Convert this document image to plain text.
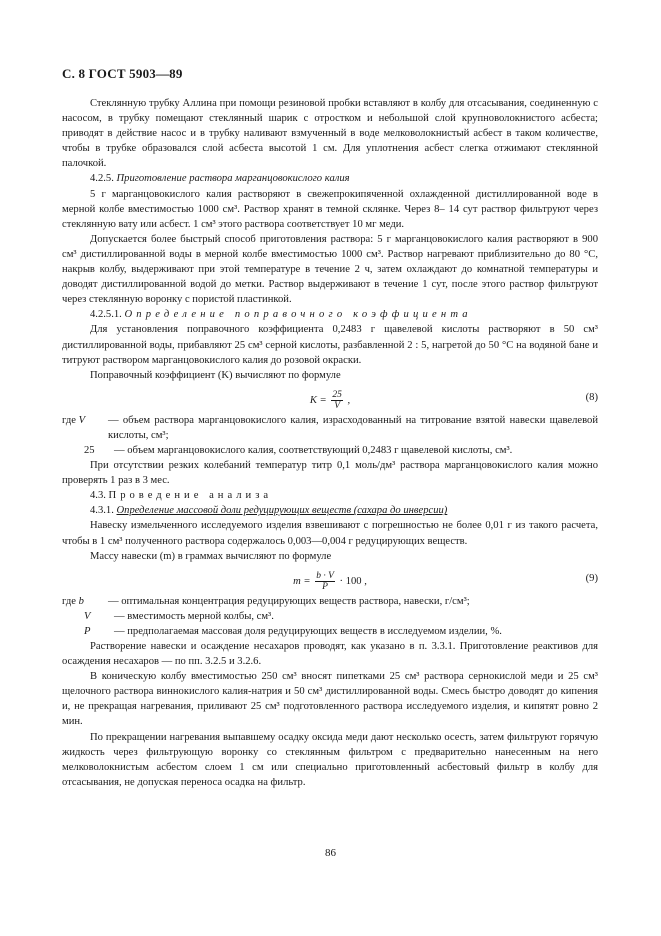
С. 8 ГОСТ 5903—89

Стеклянную трубку Аллина при помощи резиновой пробки вставляют в колбу для отсасывания, соединенную с насосом, в трубку помещают стеклянный шарик с отростком и небольшой слой крупноволокнистого асбеста; приводят в действие насос и в трубку наливают взмученный в воде мелковолокнистый асбест в таком количестве, чтобы в трубке образовался слой асбеста высотой 1 см. Для уплотнения асбест слегка отжимают стеклянной палочкой.

4.2.5. Приготовление раствора марганцовокислого калия

5 г марганцовокислого калия растворяют в свежепрокипяченной охлажденной дистиллированной воде в мерной колбе вместимостью 1000 см³. Раствор хранят в темной склянке. Через 8– 14 сут раствор фильтруют через стеклянную вату или асбест. 1 см³ этого раствора соответствует 10 мг меди.

Допускается более быстрый способ приготовления раствора: 5 г марганцовокислого калия растворяют в 900 см³ дистиллированной воды в мерной колбе вместимостью 1000 см³. Раствор нагревают приблизительно до 80 °С, накрыв колбу, выдерживают при этой температуре в течение 2 ч, затем охлаждают до комнатной температуры и доводят дистиллированной водой до метки. Раствор выдерживают в течение 1 сут, после этого раствор фильтруют через стеклянную воронку с пористой пластинкой.

4.2.5.1. Определение поправочного коэффициента

Для установления поправочного коэффициента 0,2483 г щавелевой кислоты растворяют в 50 см³ дистиллированной воды, прибавляют 25 см³ серной кислоты, разбавленной 2 : 5, нагретой до 50 °С на водяной бане и титруют раствором марганцовокислого калия до розовой окраски.

Поправочный коэффициент (K) вычисляют по формуле

$K = \frac{25}{V}$ ,	(8)
где V	— объем раствора марганцовокислого калия, израсходованный на титрование взятой навески щавелевой кислоты, см³;
25	— объем марганцовокислого калия, соответствующий 0,2483 г щавелевой кислоты, см³.

При отсутствии резких колебаний температур титр 0,1 моль/дм³ раствора марганцовокислого калия можно проверять 1 раз в 3 мес.

4.3. Проведение анализа

4.3.1. Определение массовой доли редуцирующих веществ (сахара до инверсии)

Навеску измельченного исследуемого изделия взвешивают с погрешностью не более 0,01 г из такого расчета, чтобы в 1 см³ полученного раствора содержалось 0,003—0,004 г редуцирующих веществ.

Массу навески (m) в граммах вычисляют по формуле

$m = \frac{b \cdot V}{P} \cdot 100$ ,	(9)
где b	— оптимальная концентрация редуцирующих веществ раствора, навески, г/см³;
V	— вместимость мерной колбы, см³.
P	— предполагаемая массовая доля редуцирующих веществ в исследуемом изделии, %.

Растворение навески и осаждение несахаров проводят, как указано в п. 3.3.1. Приготовление реактивов для осаждения несахаров — по пп. 3.2.5 и 3.2.6.

В коническую колбу вместимостью 250 см³ вносят пипетками 25 см³ раствора сернокислой меди и 25 см³ щелочного раствора виннокислого калия-натрия и 50 см³ дистиллированной воды. Смесь быстро доводят до кипения и, не прекращая нагревания, приливают 25 см³ подготовленного раствора исследуемого изделия, и кипятят ровно 2 мин.

По прекращении нагревания выпавшему осадку оксида меди дают несколько осесть, затем фильтруют горячую жидкость через фильтрующую воронку со стеклянным фильтром с предварительно нанесенным на него мелковолокнистым асбестом слоем 1 см или специально приготовленный асбестовый фильтр в колбу для отсасывания, не допуская переноса осадка на фильтр.

86
